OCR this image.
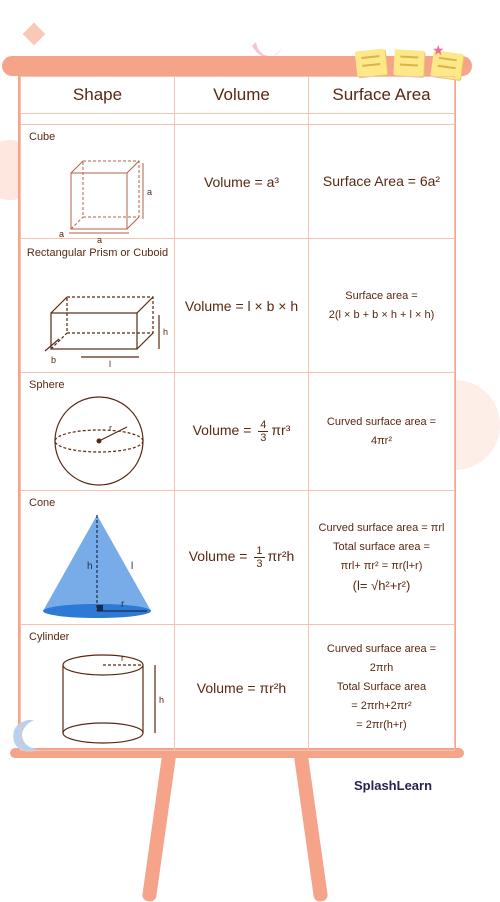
★
Shape	Volume	Surface Area

Cube
a
a
a	Volume = a³	Surface Area = 6a²

Rectangular Prism or Cuboid
l
b
h	Volume = l × b × h	Surface area =
2(l × b + b × h + l × h)

Sphere
r	Volume = $\frac{4}{3} \pi r^3$	Curved surface area =
4πr²

Cone
h l
r	Volume = $\frac{1}{3} \pi r^2h$	Curved surface area = πrl
Total surface area =
πrl+ πr² = πr(l+r)
(l= √h²+r²)

Cylinder
r
h	Volume = πr²h	Curved surface area =
2πrh
Total Surface area
= 2πrh+2πr²
= 2πr(h+r)
SplashLearn
